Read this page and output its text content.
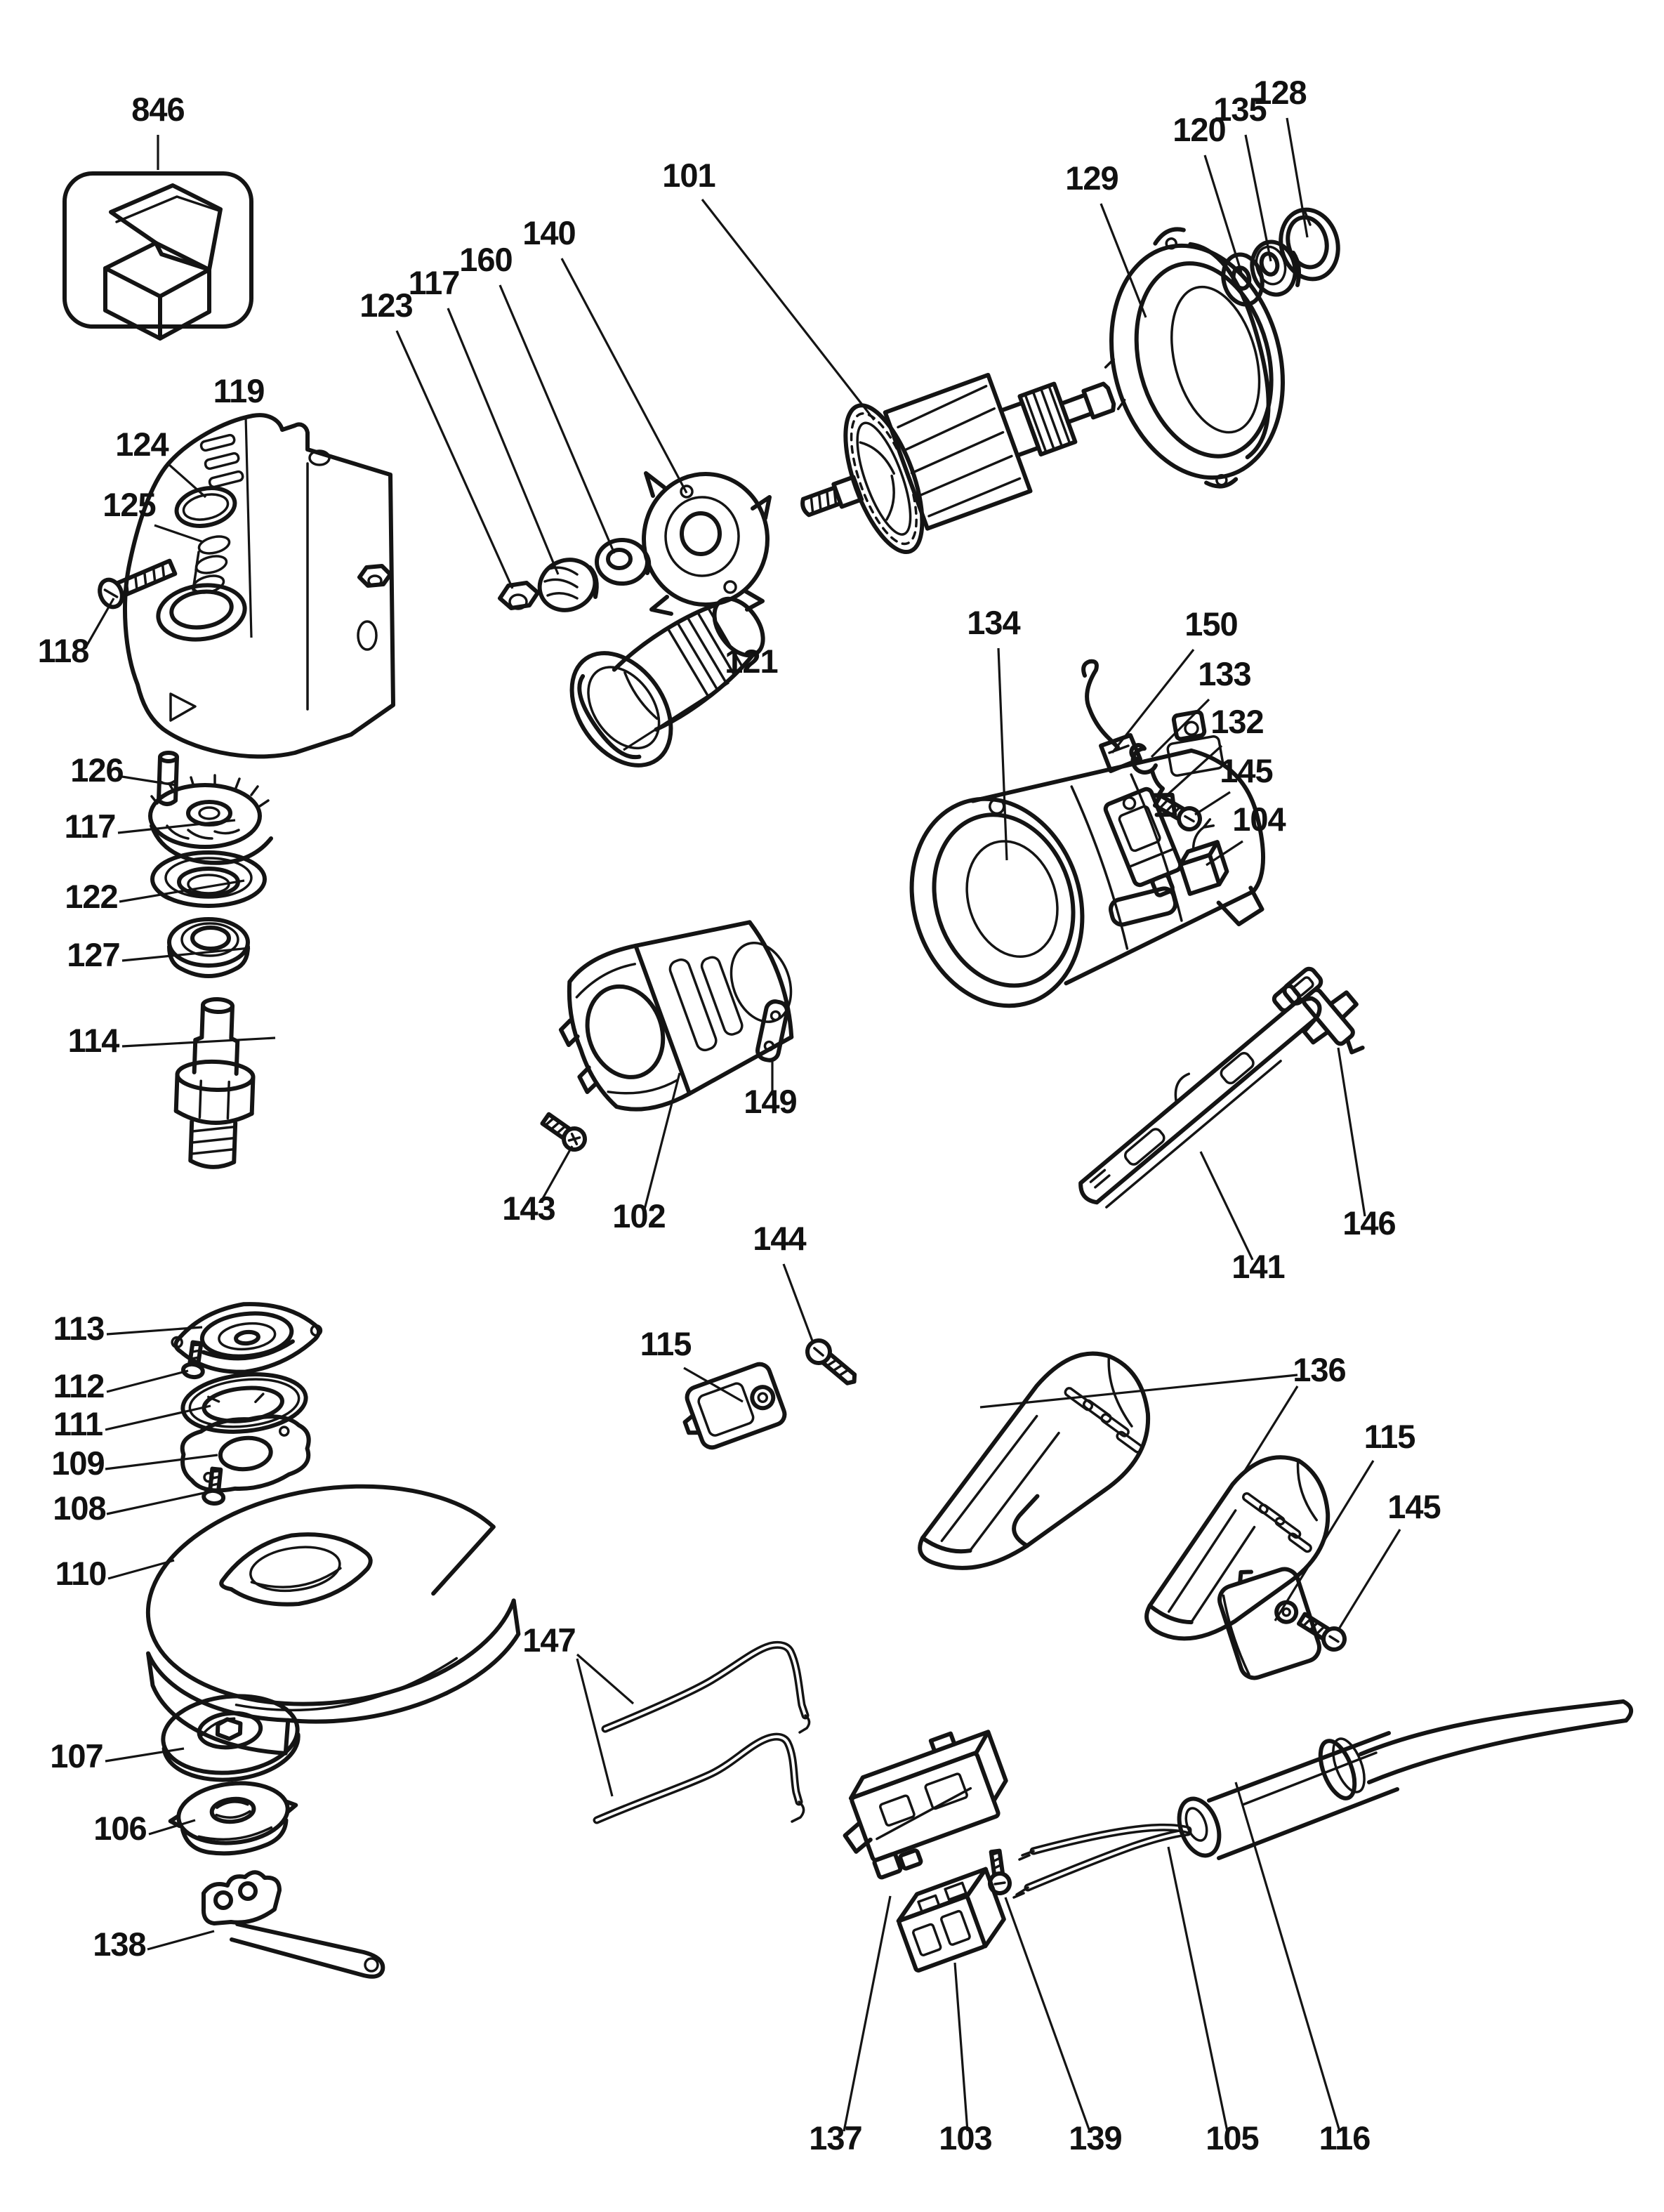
846
101	129
120
135
128
140
160
117
123
119
124
125
118
126
117
122
127
114
121
134	150
133
132
145
104
149
143 102	146
141
144
115
136
115
145
113
112
111
109
108
110
107
106
138
147
137 103 139	105 116
